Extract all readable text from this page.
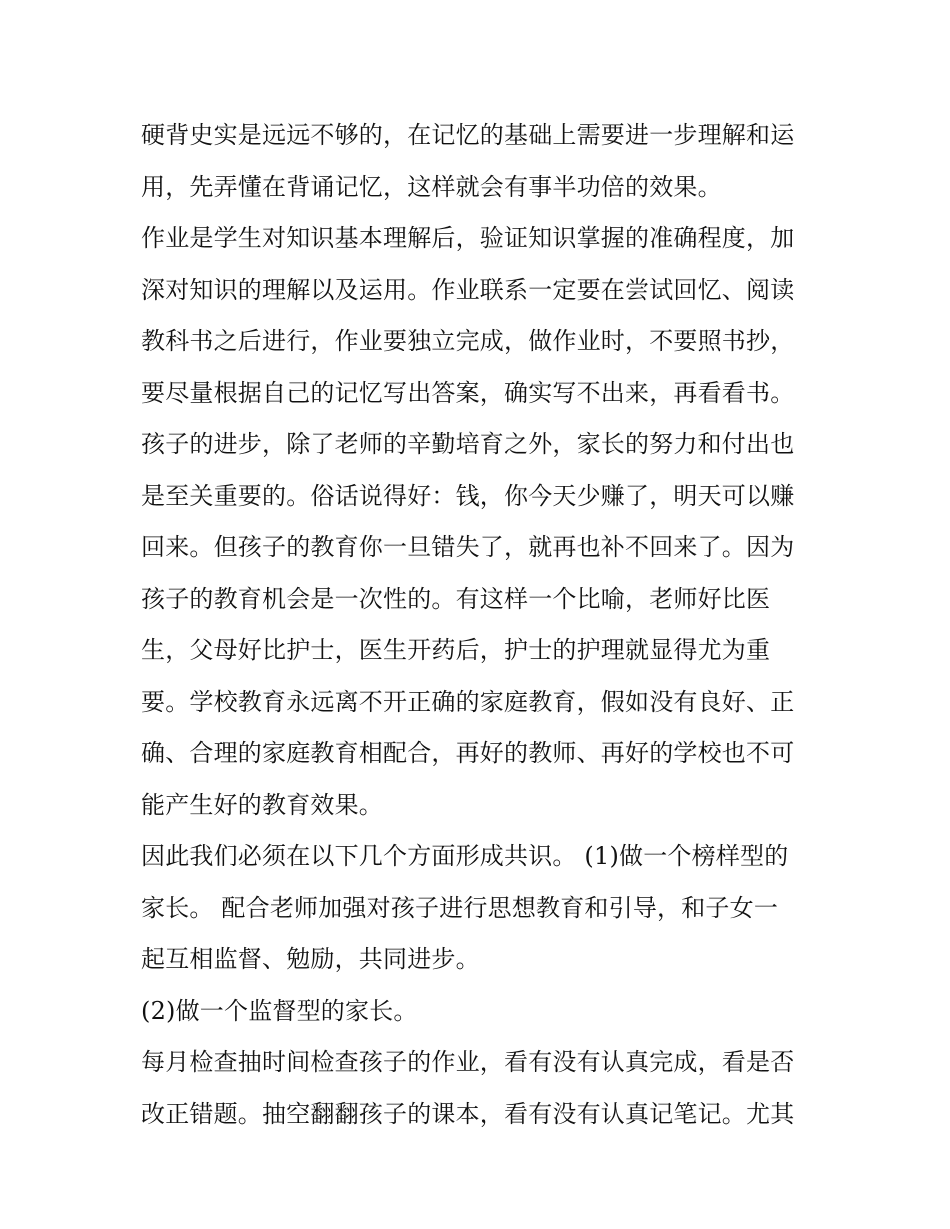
硬背史实是远远不够的，在记忆的基础上需要进一步理解和运
用，先弄懂在背诵记忆，这样就会有事半功倍的效果。
作业是学生对知识基本理解后，验证知识掌握的准确程度，加
深对知识的理解以及运用。作业联系一定要在尝试回忆、阅读
教科书之后进行，作业要独立完成，做作业时，不要照书抄，
要尽量根据自己的记忆写出答案，确实写不出来，再看看书。
孩子的进步，除了老师的辛勤培育之外，家长的努力和付出也
是至关重要的。俗话说得好：钱，你今天少赚了，明天可以赚
回来。但孩子的教育你一旦错失了，就再也补不回来了。因为
孩子的教育机会是一次性的。有这样一个比喻，老师好比医
生，父母好比护士，医生开药后，护士的护理就显得尤为重
要。学校教育永远离不开正确的家庭教育，假如没有良好、正
确、合理的家庭教育相配合，再好的教师、再好的学校也不可
能产生好的教育效果。
因此我们必须在以下几个方面形成共识。 (1)做一个榜样型的
家长。 配合老师加强对孩子进行思想教育和引导，和子女一
起互相监督、勉励，共同进步。
(2)做一个监督型的家长。
每月检查抽时间检查孩子的作业，看有没有认真完成，看是否
改正错题。抽空翻翻孩子的课本，看有没有认真记笔记。尤其
